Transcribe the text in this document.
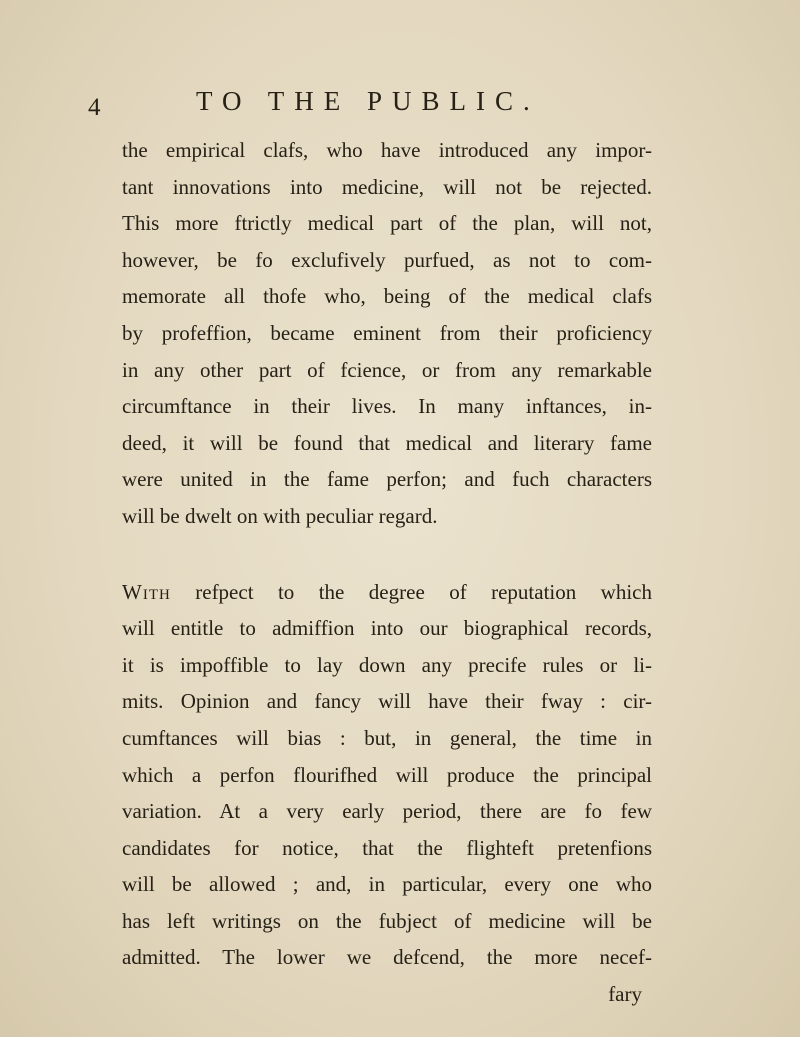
4	TO THE PUBLIC.
the empirical clafs, who have introduced any impor-
tant innovations into medicine, will not be rejected.
This more ftrictly medical part of the plan, will not,
however, be fo exclufively purfued, as not to com-
memorate all thofe who, being of the medical clafs
by profeffion, became eminent from their proficiency
in any other part of fcience, or from any remarkable
circumftance in their lives. In many inftances, in-
deed, it will be found that medical and literary fame
were united in the fame perfon; and fuch characters
will be dwelt on with peculiar regard.
With refpect to the degree of reputation which
will entitle to admiffion into our biographical records,
it is impoffible to lay down any precife rules or li-
mits. Opinion and fancy will have their fway : cir-
cumftances will bias : but, in general, the time in
which a perfon flourifhed will produce the principal
variation. At a very early period, there are fo few
candidates for notice, that the flighteft pretenfions
will be allowed ; and, in particular, every one who
has left writings on the fubject of medicine will be
admitted. The lower we defcend, the more necef-
fary
